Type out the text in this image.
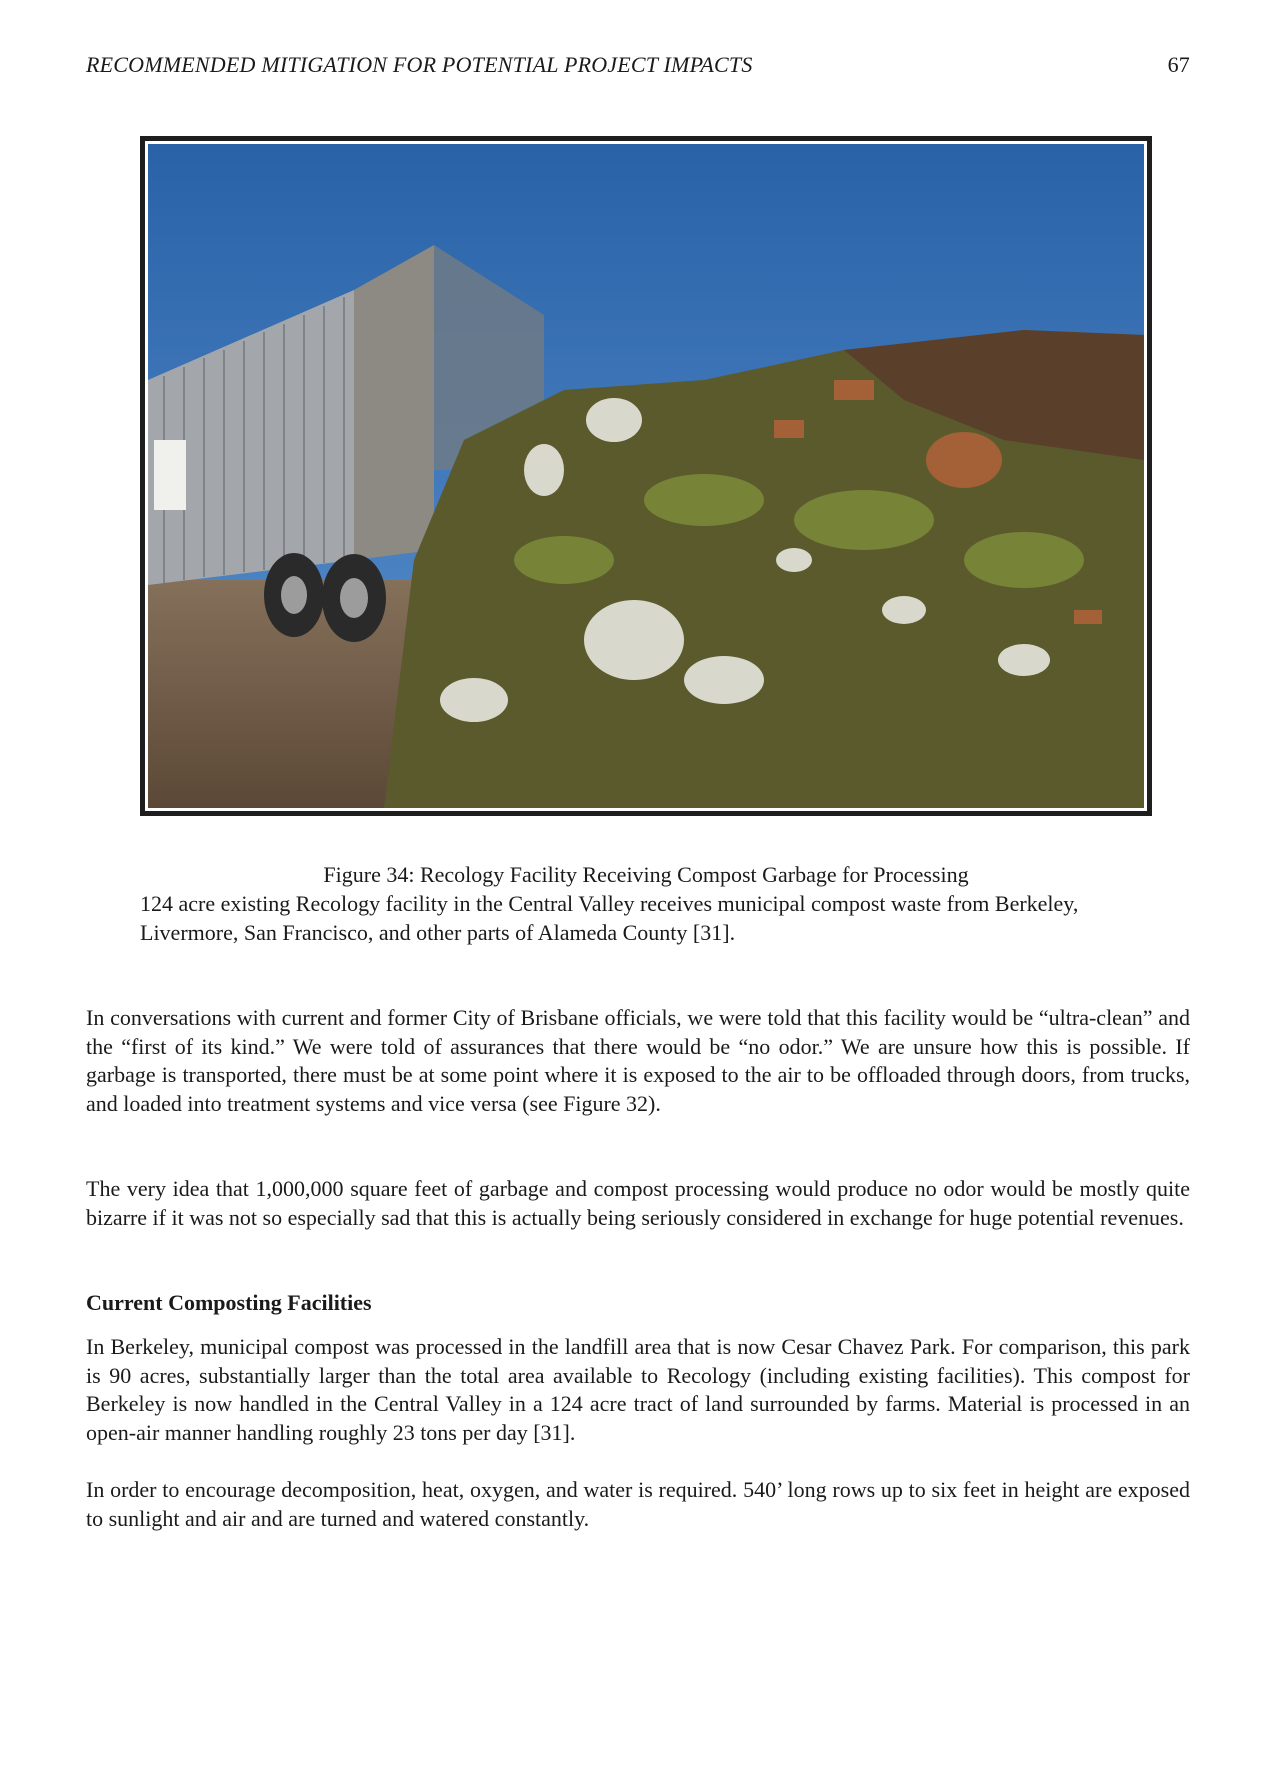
RECOMMENDED MITIGATION FOR POTENTIAL PROJECT IMPACTS	67
Figure 34: Recology Facility Receiving Compost Garbage for Processing
124 acre existing Recology facility in the Central Valley receives municipal compost waste from Berkeley, Livermore, San Francisco, and other parts of Alameda County [31].
In conversations with current and former City of Brisbane officials, we were told that this facility would be “ultra-clean” and the “first of its kind.” We were told of assurances that there would be “no odor.” We are unsure how this is possible. If garbage is transported, there must be at some point where it is exposed to the air to be offloaded through doors, from trucks, and loaded into treatment systems and vice versa (see Figure 32).
The very idea that 1,000,000 square feet of garbage and compost processing would produce no odor would be mostly quite bizarre if it was not so especially sad that this is actually being seriously considered in exchange for huge potential revenues.
Current Composting Facilities
In Berkeley, municipal compost was processed in the landfill area that is now Cesar Chavez Park. For comparison, this park is 90 acres, substantially larger than the total area available to Recology (including existing facilities). This compost for Berkeley is now handled in the Central Valley in a 124 acre tract of land surrounded by farms. Material is processed in an open-air manner handling roughly 23 tons per day [31].
In order to encourage decomposition, heat, oxygen, and water is required. 540’ long rows up to six feet in height are exposed to sunlight and air and are turned and watered constantly.
